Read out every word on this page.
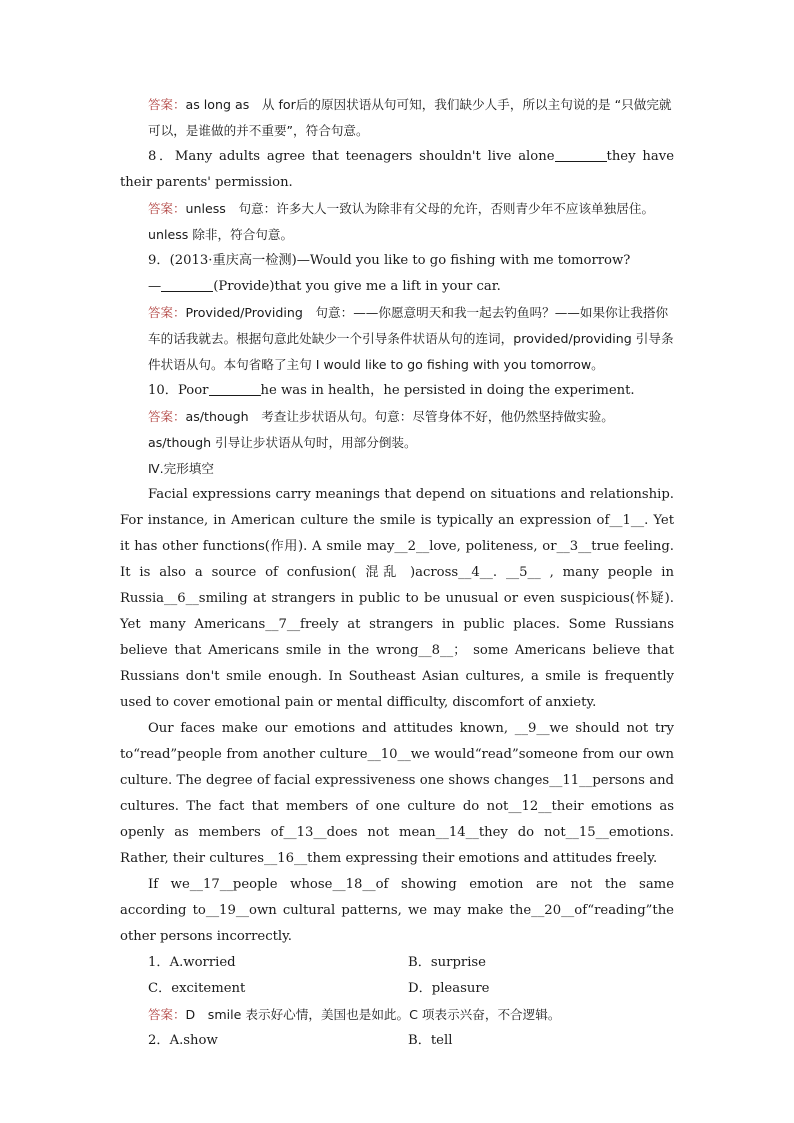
答案：as long as　从 for后的原因状语从句可知，我们缺少人手，所以主句说的是 “只做完就可以，是谁做的并不重要”，符合句意。

8．Many adults agree that teenagers shouldn't live alone	they have their parents' permission.

答案：unless　句意：许多大人一致认为除非有父母的允许，否则青少年不应该单独居住。unless 除非，符合句意。

9．(2013·重庆高一检测)—Would you like to go fishing with me tomorrow?

—	(Provide)that you give me a lift in your car.

答案：Provided/Providing　句意：——你愿意明天和我一起去钓鱼吗？——如果你让我搭你车的话我就去。根据句意此处缺少一个引导条件状语从句的连词，provided/providing 引导条件状语从句。本句省略了主句 I would like to go fishing with you tomorrow。

10．Poor	he was in health，he persisted in doing the experiment.

答案：as/though　考查让步状语从句。句意：尽管身体不好，他仍然坚持做实验。as/though 引导让步状语从句时，用部分倒装。

Ⅳ.完形填空

Facial expressions carry meanings that depend on situations and relationship. For instance, in American culture the smile is typically an expression of__1__. Yet it has other functions(作用). A smile may__2__love, politeness, or__3__true feeling. It is also a source of confusion( 混乱 )across__4__. __5__ , many people in Russia__6__smiling at strangers in public to be unusual or even suspicious(怀疑). Yet many Americans__7__freely at strangers in public places. Some Russians believe that Americans smile in the wrong__8__； some Americans believe that Russians don't smile enough. In Southeast Asian cultures, a smile is frequently used to cover emotional pain or mental difficulty, discomfort of anxiety.

Our faces make our emotions and attitudes known, __9__we should not try to“read”people from another culture__10__we would“read”someone from our own culture. The degree of facial expressiveness one shows changes__11__persons and cultures. The fact that members of one culture do not__12__their emotions as openly as members of__13__does not mean__14__they do not__15__emotions. Rather, their cultures__16__them expressing their emotions and attitudes freely.

If we__17__people whose__18__of showing emotion are not the same according to__19__own cultural patterns, we may make the__20__of“reading”the other persons incorrectly.

1．A.worried	B．surprise
C．excitement	D．pleasure

答案：D　smile 表示好心情，美国也是如此。C 项表示兴奋，不合逻辑。

2．A.show	B．tell
